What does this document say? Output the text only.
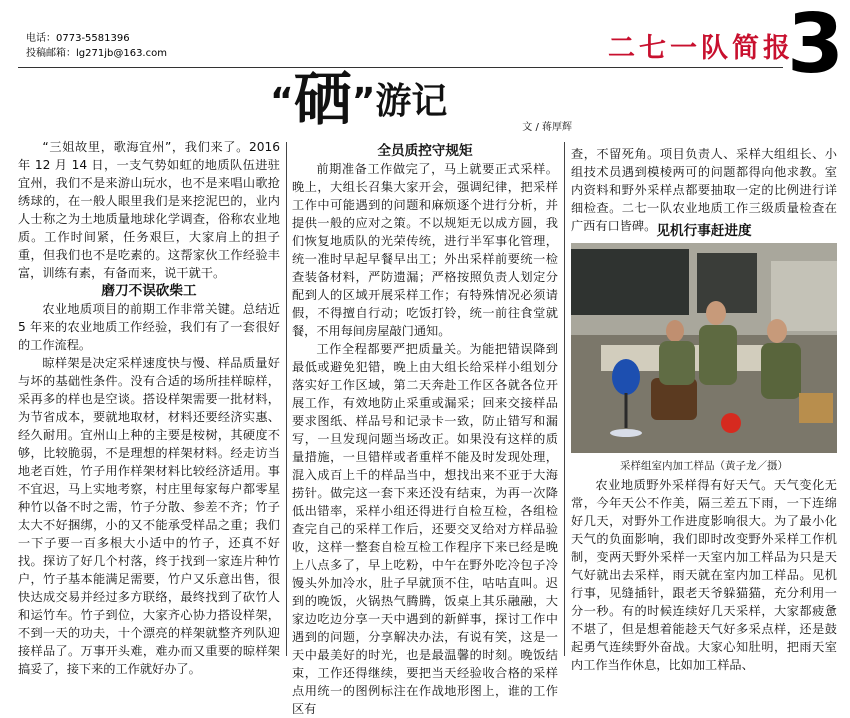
电话：0773-5581396
投稿邮箱：lg271jb@163.com	二七一队简报
3
“硒”游记
文 / 蒋厚辉

“三姐故里，歌海宜州”，我们来了。2016 年 12 月 14 日，一支气势如虹的地质队伍进驻宜州，我们不是来游山玩水，也不是来唱山歌抢绣球的，在一般人眼里我们是来挖泥巴的，业内人士称之为土地质量地球化学调查，俗称农业地质。工作时间紧，任务艰巨，大家肩上的担子重，但我们也不是吃素的。这帮家伙工作经验丰富，训练有素，有备而来，说干就干。

磨刀不误砍柴工

农业地质项目的前期工作非常关键。总结近 5 年来的农业地质工作经验，我们有了一套很好的工作流程。

晾样架是决定采样速度快与慢、样品质量好与坏的基础性条件。没有合适的场所挂样晾样，采再多的样也是空谈。搭设样架需要一批材料，为节省成本，要就地取材，材料还要经济实惠、经久耐用。宜州山上种的主要是桉树，其硬度不够，比较脆弱，不是理想的样架材料。经走访当地老百姓，竹子用作样架材料比较经济适用。事不宜迟，马上实地考察，村庄里每家每户都零星种竹以备不时之需，竹子分散、参差不齐；竹子太大不好捆绑，小的又不能承受样品之重；我们一下子要一百多根大小适中的竹子，还真不好找。探访了好几个村落，终于找到一家连片种竹户，竹子基本能满足需要，竹户又乐意出售，很快达成交易并经过多方联络，最终找到了砍竹人和运竹车。竹子到位，大家齐心协力搭设样架，不到一天的功夫，十个漂亮的样架就整齐列队迎接样品了。万事开头难，难办而又重要的晾样架搞妥了，接下来的工作就好办了。

全员质控守规矩

前期准备工作做完了，马上就要正式采样。晚上，大组长召集大家开会，强调纪律，把采样工作中可能遇到的问题和麻烦逐个进行分析，并提供一般的应对之策。不以规矩无以成方圆，我们恢复地质队的光荣传统，进行半军事化管理，统一准时早起早餐早出工；外出采样前要统一检查装备材料，严防遗漏；严格按照负责人划定分配到人的区域开展采样工作；有特殊情况必须请假，不得擅自行动；吃饭打铃，统一前往食堂就餐，不用每间房屋敲门通知。

工作全程都要严把质量关。为能把错误降到最低或避免犯错，晚上由大组长给采样小组划分落实好工作区域，第二天奔赴工作区各就各位开展工作，有效地防止采重或漏采；回来交接样品要求图纸、样品号和记录卡一致，防止错写和漏写，一旦发现问题当场改正。如果没有这样的质量措施，一旦错样或者重样不能及时发现处理，混入成百上千的样品当中，想找出来不亚于大海捞针。做完这一套下来还没有结束，为再一次降低出错率，采样小组还得进行自检互检，各组检查完自己的采样工作后，还要交叉给对方样品验收，这样一整套自检互检工作程序下来已经是晚上八点多了，早上吃粉，中午在野外吃冷包子冷馒头外加冷水，肚子早就顶不住，咕咕直叫。迟到的晚饭，火锅热气腾腾，饭桌上其乐融融，大家边吃边分享一天中遇到的新鲜事，探讨工作中遇到的问题，分享解决办法，有说有笑，这是一天中最美好的时光，也是最温馨的时刻。晚饭结束，工作还得继续，要把当天经验收合格的采样点用统一的图例标注在作战地形图上，谁的工作区有

查，不留死角。项目负责人、采样大组组长、小组技术员遇到模棱两可的问题都得向他求教。室内资料和野外采样点都要抽取一定的比例进行详细检查。二七一队农业地质工作三级质量检查在广西有口皆碑。 见机行事赶进度

采样组室内加工样品（黄子龙／摄）

农业地质野外采样得有好天气。天气变化无常，今年天公不作美，隔三差五下雨，一下连绵好几天，对野外工作进度影响很大。为了最小化天气的负面影响，我们即时改变野外采样工作机制，变两天野外采样一天室内加工样品为只是天气好就出去采样，雨天就在室内加工样品。见机行事，见缝插针，跟老天爷躲猫猫，充分利用一分一秒。有的时候连续好几天采样，大家都疲惫不堪了，但是想着能趁天气好多采点样，还是鼓起勇气连续野外奋战。大家心知肚明，把雨天室内工作当作休息，比如加工样品、
